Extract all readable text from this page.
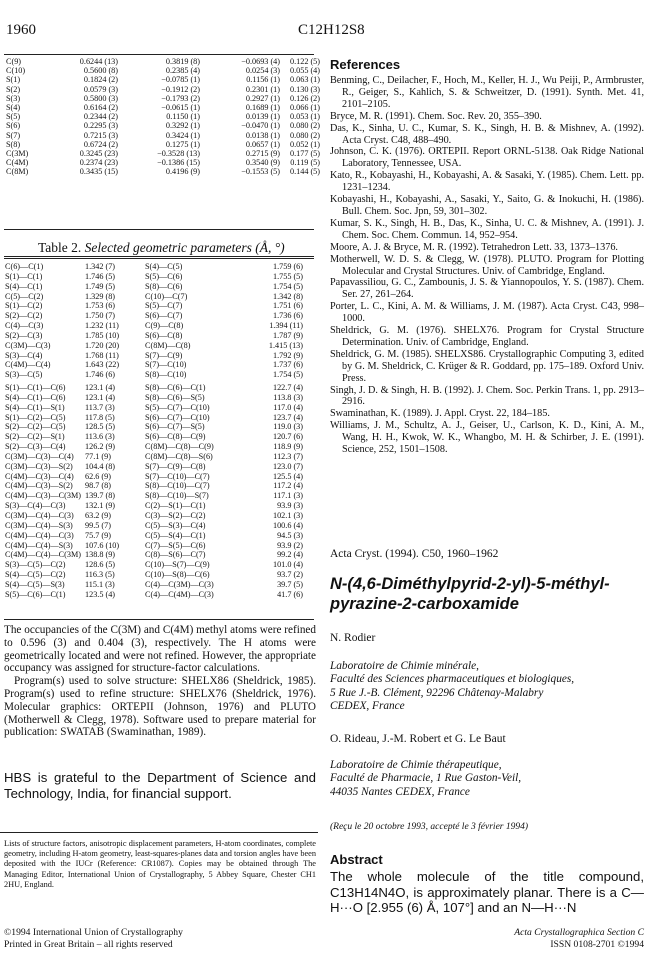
1960	C12H12S8
C(9)	0.6244 (13)	0.3819 (8)	−0.0693 (4)	0.122 (5)
C(10)	0.5600 (8)	0.2385 (4)	0.0254 (3)	0.055 (4)
S(1)	0.1824 (2)	−0.0785 (1)	0.1156 (1)	0.063 (1)
S(2)	0.0579 (3)	−0.1912 (2)	0.2301 (1)	0.130 (3)
S(3)	0.5800 (3)	−0.1793 (2)	0.2927 (1)	0.126 (2)
S(4)	0.6164 (2)	−0.0615 (1)	0.1689 (1)	0.066 (1)
S(5)	0.2344 (2)	0.1150 (1)	0.0139 (1)	0.053 (1)
S(6)	0.2295 (3)	0.3292 (1)	−0.0470 (1)	0.080 (2)
S(7)	0.7215 (3)	0.3424 (1)	0.0138 (1)	0.080 (2)
S(8)	0.6724 (2)	0.1275 (1)	0.0657 (1)	0.052 (1)
C(3M)	0.3245 (23)	−0.3528 (13)	0.2715 (9)	0.177 (5)
C(4M)	0.2374 (23)	−0.1386 (15)	0.3540 (9)	0.119 (5)
C(8M)	0.3435 (15)	0.4196 (9)	−0.1553 (5)	0.144 (5)
Table 2. Selected geometric parameters (Å, °)
C(6)—C(1)	1.342 (7)	S(4)—C(5)	1.759 (6)
S(1)—C(1)	1.746 (5)	S(5)—C(6)	1.755 (5)
S(4)—C(1)	1.749 (5)	S(8)—C(6)	1.754 (5)
C(5)—C(2)	1.329 (8)	C(10)—C(7)	1.342 (8)
S(1)—C(2)	1.753 (6)	S(5)—C(7)	1.751 (6)
S(2)—C(2)	1.750 (7)	S(6)—C(7)	1.736 (6)
C(4)—C(3)	1.232 (11)	C(9)—C(8)	1.394 (11)
S(2)—C(3)	1.785 (10)	S(6)—C(8)	1.787 (9)
C(3M)—C(3)	1.720 (20)	C(8M)—C(8)	1.415 (13)
S(3)—C(4)	1.768 (11)	S(7)—C(9)	1.792 (9)
C(4M)—C(4)	1.643 (22)	S(7)—C(10)	1.737 (6)
S(3)—C(5)	1.746 (6)	S(8)—C(10)	1.754 (5)
S(1)—C(1)—C(6)	123.1 (4)	S(8)—C(6)—C(1)	122.7 (4)
S(4)—C(1)—C(6)	123.1 (4)	S(8)—C(6)—S(5)	113.8 (3)
S(4)—C(1)—S(1)	113.7 (3)	S(5)—C(7)—C(10)	117.0 (4)
S(1)—C(2)—C(5)	117.8 (5)	S(6)—C(7)—C(10)	123.7 (4)
S(2)—C(2)—C(5)	128.5 (5)	S(6)—C(7)—S(5)	119.0 (3)
S(2)—C(2)—S(1)	113.6 (3)	S(6)—C(8)—C(9)	120.7 (6)
S(2)—C(3)—C(4)	126.2 (9)	C(8M)—C(8)—C(9)	118.9 (9)
C(3M)—C(3)—C(4)	77.1 (9)	C(8M)—C(8)—S(6)	112.3 (7)
C(3M)—C(3)—S(2)	104.4 (8)	S(7)—C(9)—C(8)	123.0 (7)
C(4M)—C(3)—C(4)	62.6 (9)	S(7)—C(10)—C(7)	125.5 (4)
C(4M)—C(3)—S(2)	98.7 (8)	S(8)—C(10)—C(7)	117.2 (4)
C(4M)—C(3)—C(3M)	139.7 (8)	S(8)—C(10)—S(7)	117.1 (3)
S(3)—C(4)—C(3)	132.1 (9)	C(2)—S(1)—C(1)	93.9 (3)
C(3M)—C(4)—C(3)	63.2 (9)	C(3)—S(2)—C(2)	102.1 (3)
C(3M)—C(4)—S(3)	99.5 (7)	C(5)—S(3)—C(4)	100.6 (4)
C(4M)—C(4)—C(3)	75.7 (9)	C(5)—S(4)—C(1)	94.5 (3)
C(4M)—C(4)—S(3)	107.6 (10)	C(7)—S(5)—C(6)	93.9 (2)
C(4M)—C(4)—C(3M)	138.8 (9)	C(8)—S(6)—C(7)	99.2 (4)
S(3)—C(5)—C(2)	128.6 (5)	C(10)—S(7)—C(9)	101.0 (4)
S(4)—C(5)—C(2)	116.3 (5)	C(10)—S(8)—C(6)	93.7 (2)
S(4)—C(5)—S(3)	115.1 (3)	C(4)—C(3M)—C(3)	39.7 (5)
S(5)—C(6)—C(1)	123.5 (4)	C(4)—C(4M)—C(3)	41.7 (6)

The occupancies of the C(3M) and C(4M) methyl atoms were refined to 0.596 (3) and 0.404 (3), respectively. The H atoms were geometrically located and were not refined. However, the appropriate occupancy was assigned for structure-factor calculations.

Program(s) used to solve structure: SHELX86 (Sheldrick, 1985). Program(s) used to refine structure: SHELX76 (Sheldrick, 1976). Molecular graphics: ORTEPII (Johnson, 1976) and PLUTO (Motherwell & Clegg, 1978). Software used to prepare material for publication: SWATAB (Swaminathan, 1989).

HBS is grateful to the Department of Science and Technology, India, for financial support.
Lists of structure factors, anisotropic displacement parameters, H-atom coordinates, complete geometry, including H-atom geometry, least-squares-planes data and torsion angles have been deposited with the IUCr (Reference: CR1087). Copies may be obtained through The Managing Editor, International Union of Crystallography, 5 Abbey Square, Chester CH1 2HU, England.
©1994 International Union of Crystallography
Printed in Great Britain – all rights reserved
Acta Crystallographica Section C
ISSN 0108-2701 ©1994
References
Benming, C., Deilacher, F., Hoch, M., Keller, H. J., Wu Peiji, P., Armbruster, R., Geiger, S., Kahlich, S. & Schweitzer, D. (1991). Synth. Met. 41, 2101–2105.
Bryce, M. R. (1991). Chem. Soc. Rev. 20, 355–390.
Das, K., Sinha, U. C., Kumar, S. K., Singh, H. B. & Mishnev, A. (1992). Acta Cryst. C48, 488–490.
Johnson, C. K. (1976). ORTEPII. Report ORNL-5138. Oak Ridge National Laboratory, Tennessee, USA.
Kato, R., Kobayashi, H., Kobayashi, A. & Sasaki, Y. (1985). Chem. Lett. pp. 1231–1234.
Kobayashi, H., Kobayashi, A., Sasaki, Y., Saito, G. & Inokuchi, H. (1986). Bull. Chem. Soc. Jpn, 59, 301–302.
Kumar, S. K., Singh, H. B., Das, K., Sinha, U. C. & Mishnev, A. (1991). J. Chem. Soc. Chem. Commun. 14, 952–954.
Moore, A. J. & Bryce, M. R. (1992). Tetrahedron Lett. 33, 1373–1376.
Motherwell, W. D. S. & Clegg, W. (1978). PLUTO. Program for Plotting Molecular and Crystal Structures. Univ. of Cambridge, England.
Papavassiliou, G. C., Zambounis, J. S. & Yiannopoulos, Y. S. (1987). Chem. Ser. 27, 261–264.
Porter, L. C., Kini, A. M. & Williams, J. M. (1987). Acta Cryst. C43, 998–1000.
Sheldrick, G. M. (1976). SHELX76. Program for Crystal Structure Determination. Univ. of Cambridge, England.
Sheldrick, G. M. (1985). SHELXS86. Crystallographic Computing 3, edited by G. M. Sheldrick, C. Krüger & R. Goddard, pp. 175–189. Oxford Univ. Press.
Singh, J. D. & Singh, H. B. (1992). J. Chem. Soc. Perkin Trans. 1, pp. 2913–2916.
Swaminathan, K. (1989). J. Appl. Cryst. 22, 184–185.
Williams, J. M., Schultz, A. J., Geiser, U., Carlson, K. D., Kini, A. M., Wang, H. H., Kwok, W. K., Whangbo, M. H. & Schirber, J. E. (1991). Science, 252, 1501–1508.
Acta Cryst. (1994). C50, 1960–1962
N-(4,6-Diméthylpyrid-2-yl)-5-méthyl-pyrazine-2-carboxamide
N. Rodier
Laboratoire de Chimie minérale,
Faculté des Sciences pharmaceutiques et biologiques,
5 Rue J.-B. Clément, 92296 Châtenay-Malabry
CEDEX, France
O. Rideau, J.-M. Robert et G. Le Baut
Laboratoire de Chimie thérapeutique,
Faculté de Pharmacie, 1 Rue Gaston-Veil,
44035 Nantes CEDEX, France
(Reçu le 20 octobre 1993, accepté le 3 février 1994)
Abstract
The whole molecule of the title compound, C13H14N4O, is approximately planar. There is a C—H···O [2.955 (6) Å, 107°] and an N—H···N
